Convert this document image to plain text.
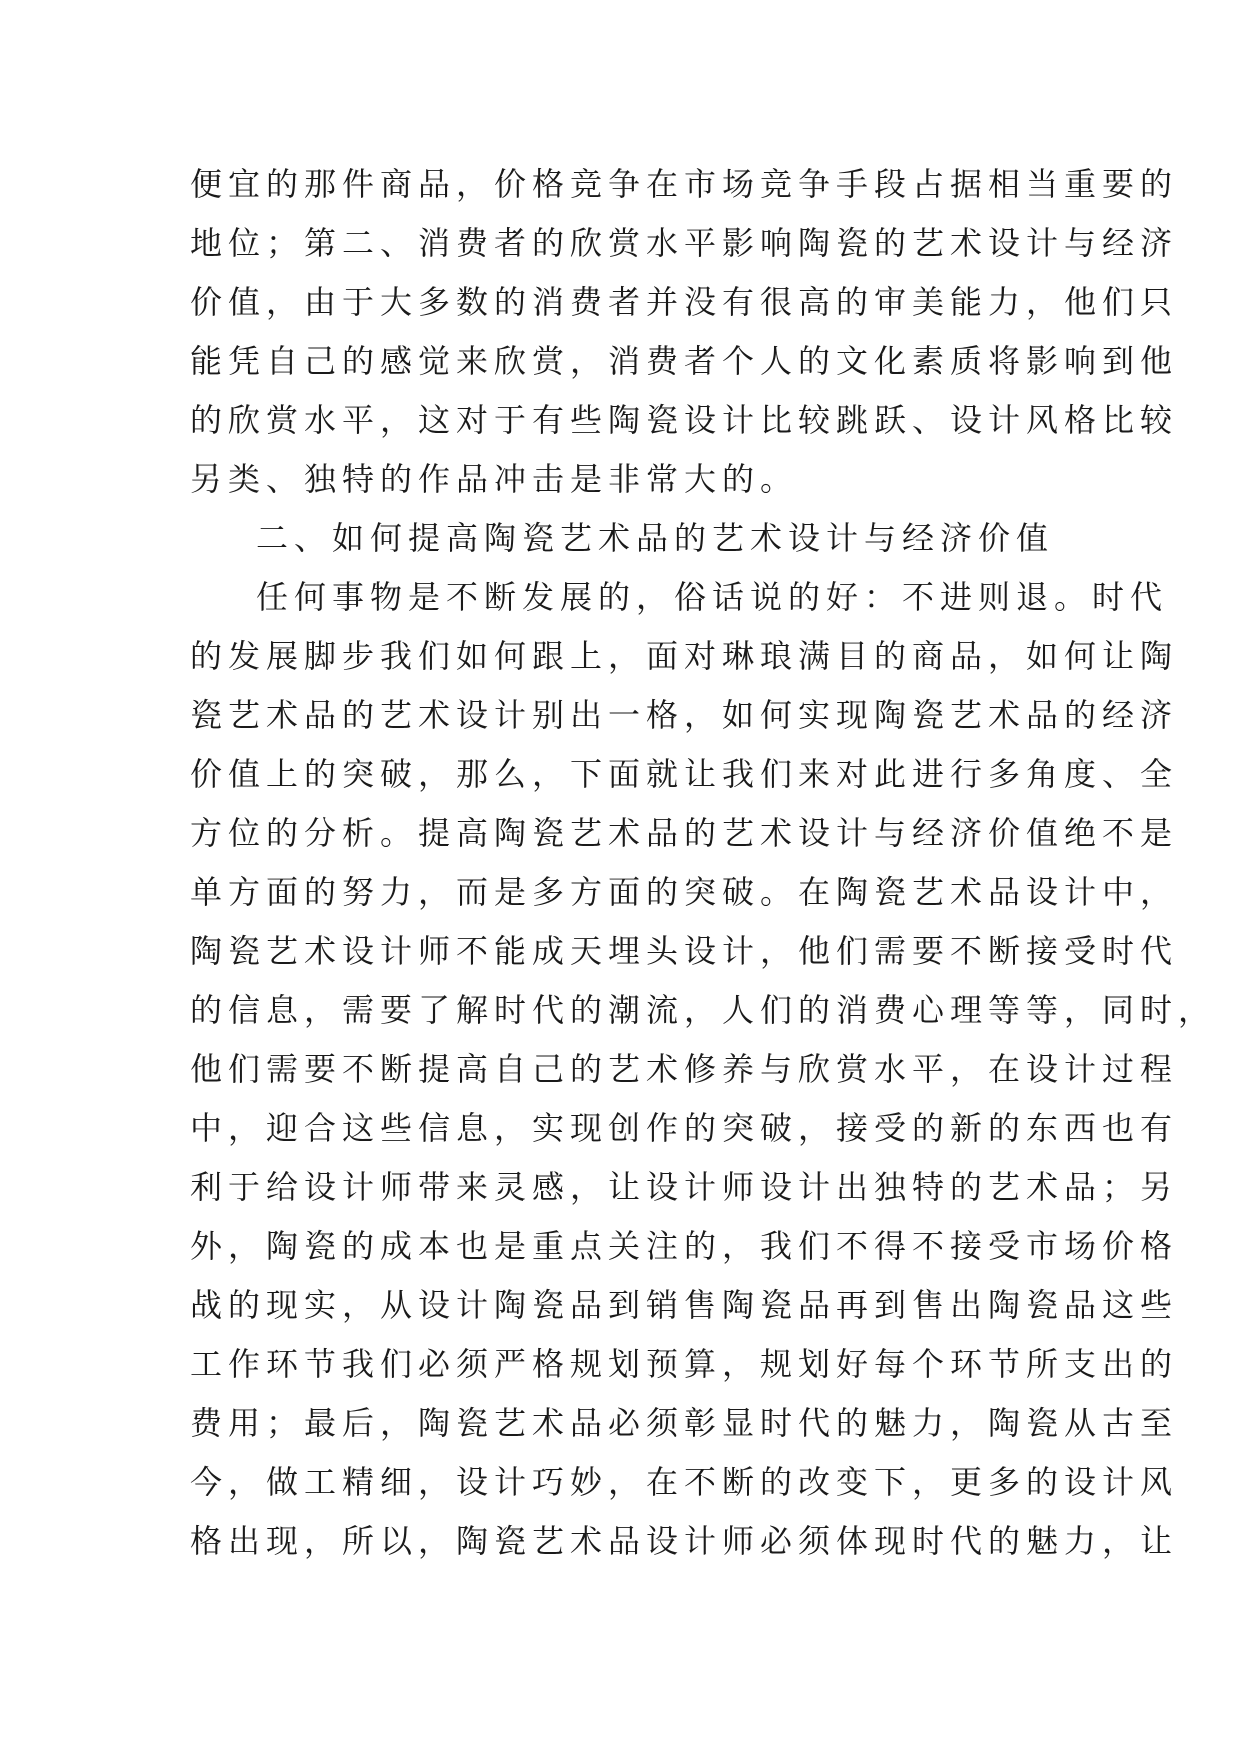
便宜的那件商品，价格竞争在市场竞争手段占据相当重要的
地位；第二、消费者的欣赏水平影响陶瓷的艺术设计与经济
价值，由于大多数的消费者并没有很高的审美能力，他们只
能凭自己的感觉来欣赏，消费者个人的文化素质将影响到他
的欣赏水平，这对于有些陶瓷设计比较跳跃、设计风格比较
另类、独特的作品冲击是非常大的。
二、如何提高陶瓷艺术品的艺术设计与经济价值
任何事物是不断发展的，俗话说的好：不进则退。时代
的发展脚步我们如何跟上，面对琳琅满目的商品，如何让陶
瓷艺术品的艺术设计别出一格，如何实现陶瓷艺术品的经济
价值上的突破，那么，下面就让我们来对此进行多角度、全
方位的分析。提高陶瓷艺术品的艺术设计与经济价值绝不是
单方面的努力，而是多方面的突破。在陶瓷艺术品设计中，
陶瓷艺术设计师不能成天埋头设计，他们需要不断接受时代
的信息，需要了解时代的潮流，人们的消费心理等等，同时，
他们需要不断提高自己的艺术修养与欣赏水平，在设计过程
中，迎合这些信息，实现创作的突破，接受的新的东西也有
利于给设计师带来灵感，让设计师设计出独特的艺术品；另
外，陶瓷的成本也是重点关注的，我们不得不接受市场价格
战的现实，从设计陶瓷品到销售陶瓷品再到售出陶瓷品这些
工作环节我们必须严格规划预算，规划好每个环节所支出的
费用；最后，陶瓷艺术品必须彰显时代的魅力，陶瓷从古至
今，做工精细，设计巧妙，在不断的改变下，更多的设计风
格出现，所以，陶瓷艺术品设计师必须体现时代的魅力，让
